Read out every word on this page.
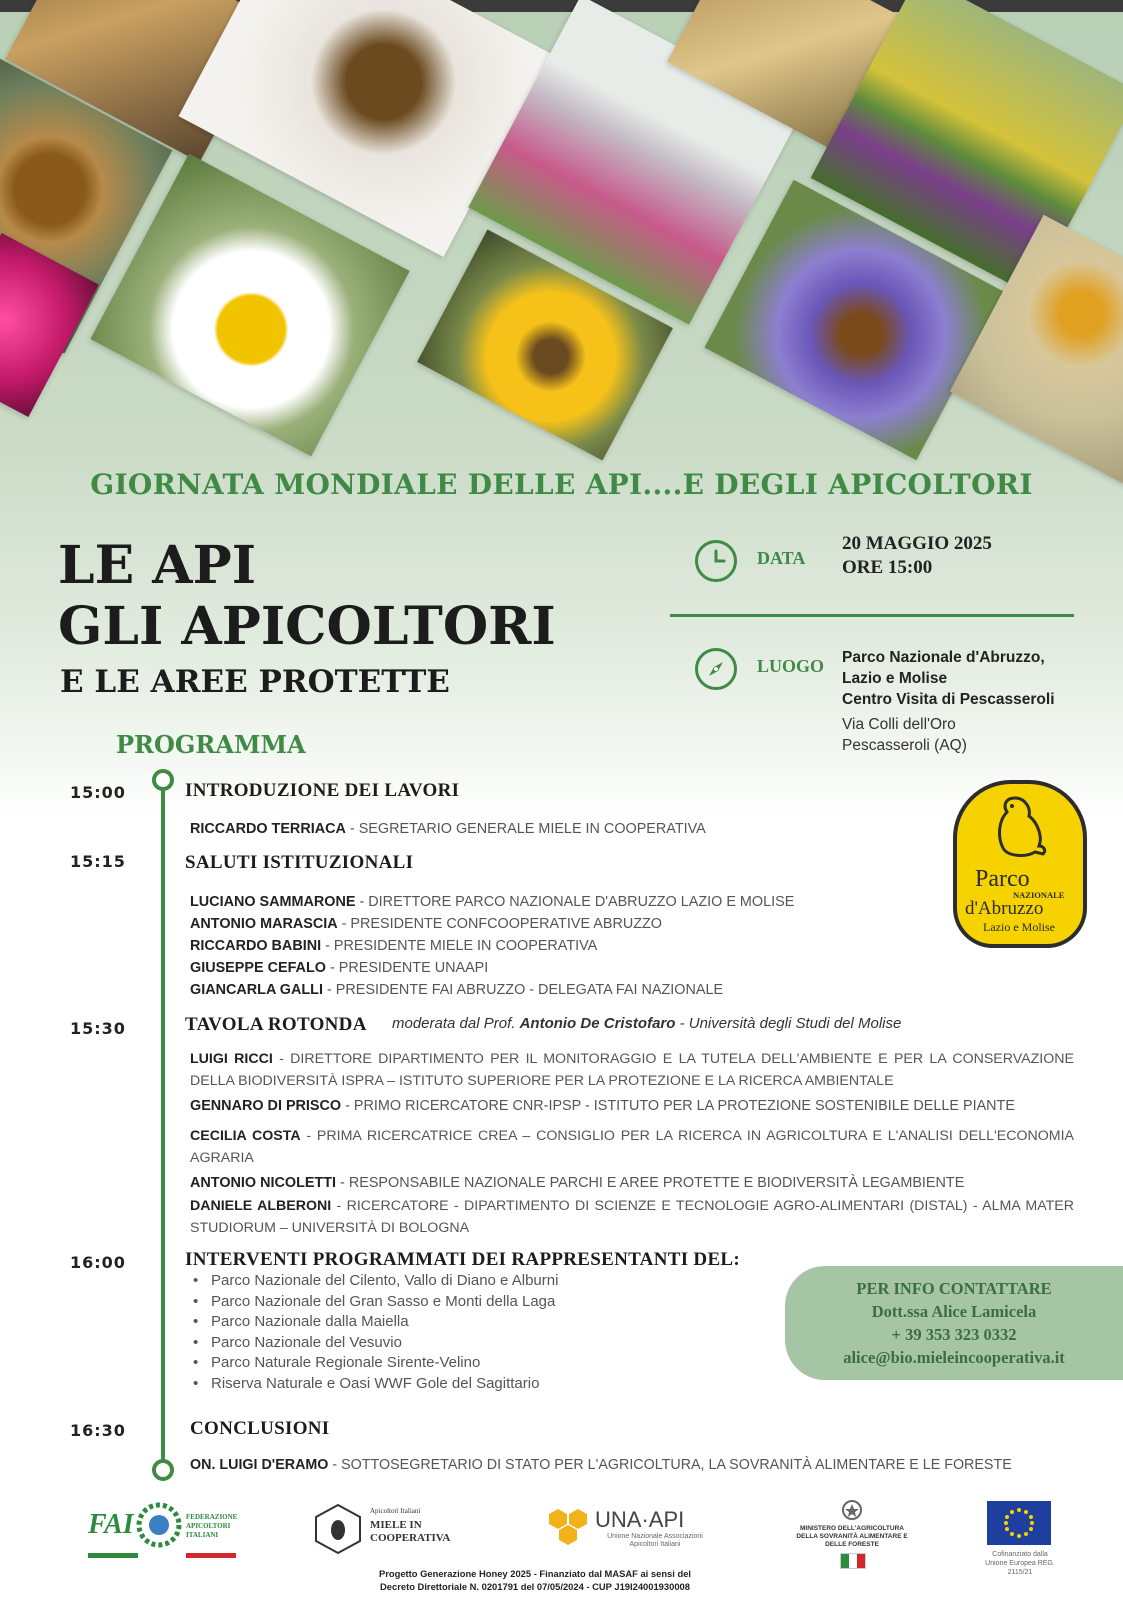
GIORNATA MONDIALE DELLE API....E DEGLI APICOLTORI
LE API
GLI APICOLTORI
E LE AREE PROTETTE
DATA
20 MAGGIO 2025
ORE 15:00
LUOGO Parco Nazionale d'Abruzzo,
Lazio e Molise
Centro Visita di Pescasseroli
Via Colli dell'Oro
Pescasseroli (AQ)
PROGRAMMA
15:00	INTRODUZIONE DEI LAVORI
RICCARDO TERRIACA - SEGRETARIO GENERALE MIELE IN COOPERATIVA
15:15	SALUTI ISTITUZIONALI
LUCIANO SAMMARONE - DIRETTORE PARCO NAZIONALE D'ABRUZZO LAZIO E MOLISE
ANTONIO MARASCIA - PRESIDENTE CONFCOOPERATIVE ABRUZZO
RICCARDO BABINI - PRESIDENTE MIELE IN COOPERATIVA
GIUSEPPE CEFALO - PRESIDENTE UNAAPI
GIANCARLA GALLI - PRESIDENTE FAI ABRUZZO - DELEGATA FAI NAZIONALE
15:30	TAVOLA ROTONDA moderata dal Prof. Antonio De Cristofaro - Università degli Studi del Molise
LUIGI RICCI - DIRETTORE DIPARTIMENTO PER IL MONITORAGGIO E LA TUTELA DELL'AMBIENTE E PER LA CONSERVAZIONE DELLA BIODIVERSITÀ ISPRA – ISTITUTO SUPERIORE PER LA PROTEZIONE E LA RICERCA AMBIENTALE
GENNARO DI PRISCO - PRIMO RICERCATORE CNR-IPSP - ISTITUTO PER LA PROTEZIONE SOSTENIBILE DELLE PIANTE
CECILIA COSTA - PRIMA RICERCATRICE CREA – CONSIGLIO PER LA RICERCA IN AGRICOLTURA E L'ANALISI DELL'ECONOMIA AGRARIA
ANTONIO NICOLETTI - RESPONSABILE NAZIONALE PARCHI E AREE PROTETTE E BIODIVERSITÀ LEGAMBIENTE
DANIELE ALBERONI - RICERCATORE - DIPARTIMENTO DI SCIENZE E TECNOLOGIE AGRO-ALIMENTARI (DISTAL) - ALMA MATER STUDIORUM – UNIVERSITÀ DI BOLOGNA
16:00	INTERVENTI PROGRAMMATI DEI RAPPRESENTANTI DEL:
• Parco Nazionale del Cilento, Vallo di Diano e Alburni
• Parco Nazionale del Gran Sasso e Monti della Laga
• Parco Nazionale dalla Maiella
• Parco Nazionale del Vesuvio
• Parco Naturale Regionale Sirente-Velino
• Riserva Naturale e Oasi WWF Gole del Sagittario
16:30	CONCLUSIONI
ON. LUIGI D'ERAMO - SOTTOSEGRETARIO DI STATO PER L'AGRICOLTURA, LA SOVRANITÀ ALIMENTARE E LE FORESTE
PER INFO CONTATTARE
Dott.ssa Alice Lamicela
+ 39 353 323 0332
alice@bio.mieleincooperativa.it
Parco
NAZIONALE
d'Abruzzo
Lazio e Molise
FAI	FEDERAZIONE APICOLTORI ITALIANI
Apicoltori Italiani
MIELE IN COOPERATIVA
UNA·API
Unione Nazionale Associazioni Apicoltori Italiani
MINISTERO DELL'AGRICOLTURA DELLA SOVRANITÀ ALIMENTARE E DELLE FORESTE
Cofinanziato dalla Unione Europea REG. 2115/21
Progetto Generazione Honey 2025 - Finanziato dal MASAF ai sensi del
Decreto Direttoriale N. 0201791 del 07/05/2024 - CUP J19I24001930008
